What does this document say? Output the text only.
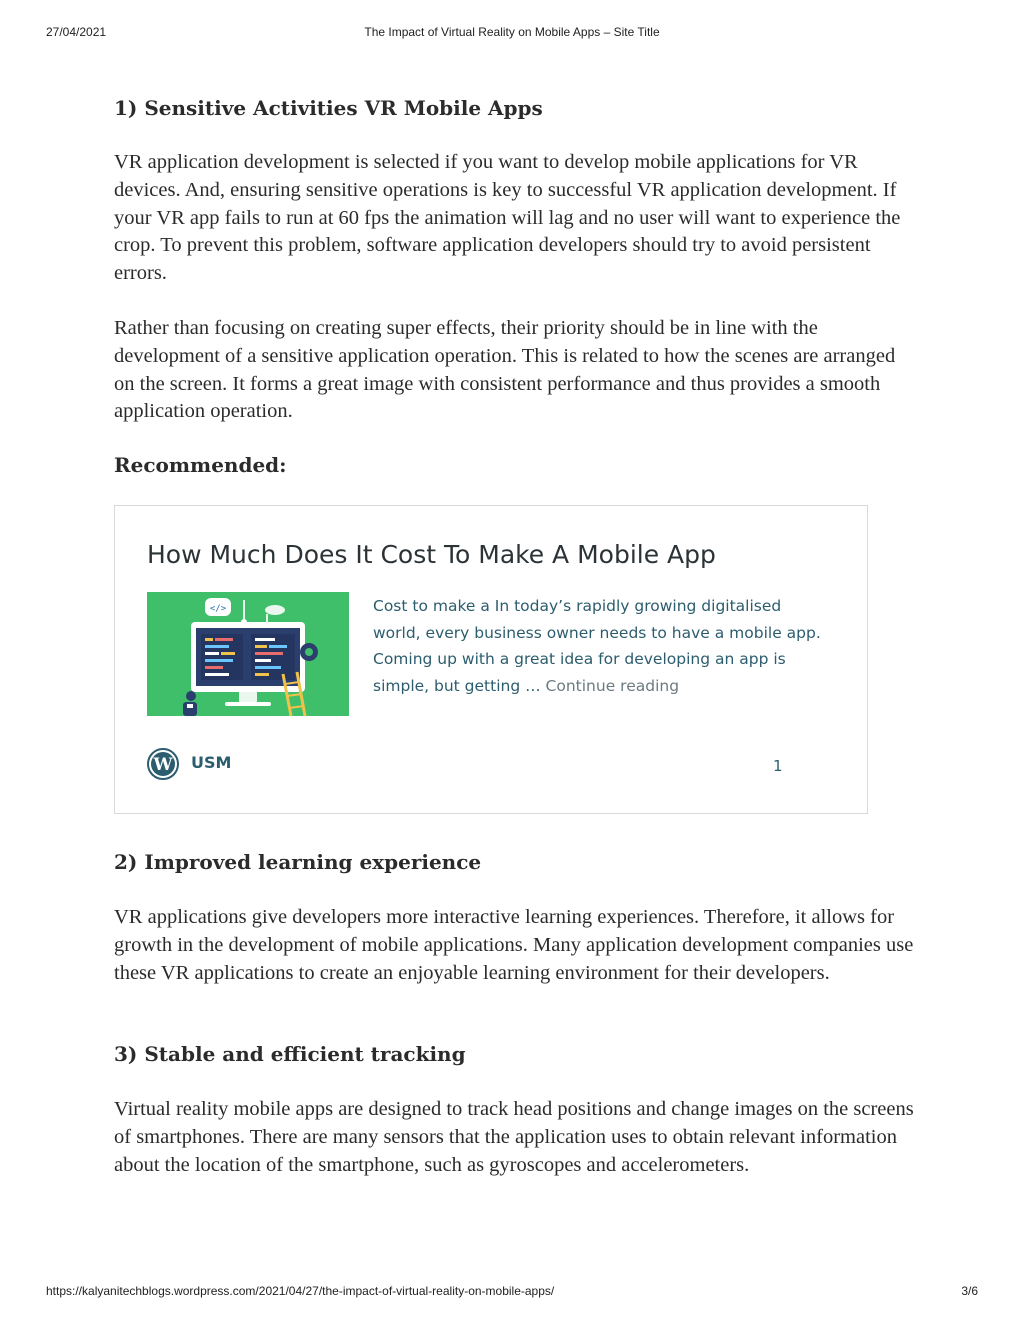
27/04/2021	The Impact of Virtual Reality on Mobile Apps – Site Title
1) Sensitive Activities VR Mobile Apps

VR application development is selected if you want to develop mobile applications for VR devices. And, ensuring sensitive operations is key to successful VR application development. If your VR app fails to run at 60 fps the animation will lag and no user will want to experience the crop. To prevent this problem, software application developers should try to avoid persistent errors.

Rather than focusing on creating super effects, their priority should be in line with the development of a sensitive application operation. This is related to how the scenes are arranged on the screen. It forms a great image with consistent performance and thus provides a smooth application operation.

Recommended:
2) Improved learning experience

VR applications give developers more interactive learning experiences. Therefore, it allows for growth in the development of mobile applications. Many application development companies use these VR applications to create an enjoyable learning environment for their developers.

3) Stable and efficient tracking

Virtual reality mobile apps are designed to track head positions and change images on the screens of smartphones. There are many sensors that the application uses to obtain relevant information about the location of the smartphone, such as gyroscopes and accelerometers.

How Much Does It Cost To Make A Mobile App
</>	Cost to make a In today’s rapidly growing digitalised world, every business owner needs to have a mobile app. Coming up with a great idea for developing an app is simple, but getting … Continue reading
W USM	1
https://kalyanitechblogs.wordpress.com/2021/04/27/the-impact-of-virtual-reality-on-mobile-apps/	3/6
